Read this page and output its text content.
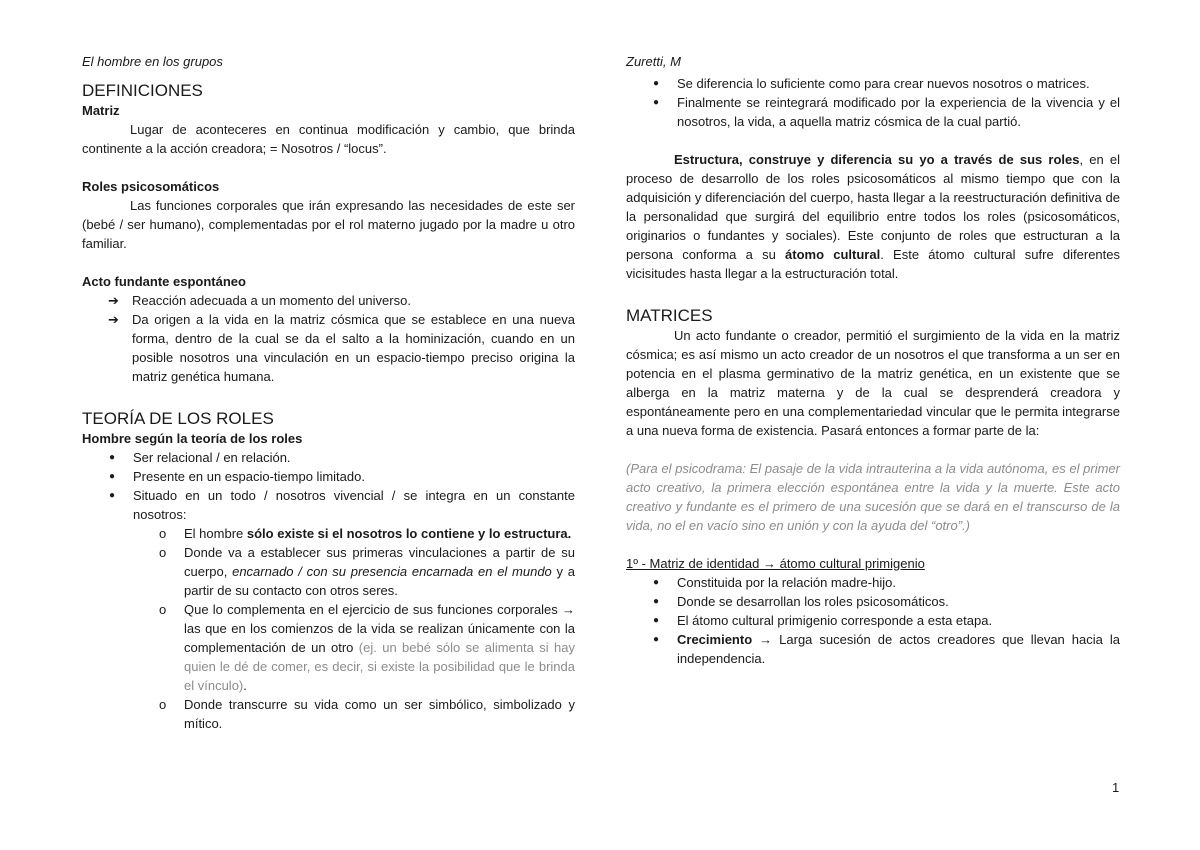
El hombre en los grupos

DEFINICIONES
Matriz

Lugar de aconteceres en continua modificación y cambio, que brinda continente a la acción creadora; = Nosotros / “locus”.

Roles psicosomáticos

Las funciones corporales que irán expresando las necesidades de este ser (bebé / ser humano), complementadas por el rol materno jugado por la madre u otro familiar.

Acto fundante espontáneo
➔ Reacción adecuada a un momento del universo.
➔ Da origen a la vida en la matriz cósmica que se establece en una nueva forma, dentro de la cual se da el salto a la hominización, cuando en un posible nosotros una vinculación en un espacio-tiempo preciso origina la matriz genética humana.
TEORÍA DE LOS ROLES
Hombre según la teoría de los roles
● Ser relacional / en relación.
● Presente en un espacio-tiempo limitado.
● Situado en un todo / nosotros vivencial / se integra en un constante nosotros:
o El hombre sólo existe si el nosotros lo contiene y lo estructura.
o Donde va a establecer sus primeras vinculaciones a partir de su cuerpo, encarnado / con su presencia encarnada en el mundo y a partir de su contacto con otros seres.
o Que lo complementa en el ejercicio de sus funciones corporales → las que en los comienzos de la vida se realizan únicamente con la complementación de un otro (ej. un bebé sólo se alimenta si hay quien le dé de comer, es decir, si existe la posibilidad que le brinda el vínculo).
o Donde transcurre su vida como un ser simbólico, simbolizado y mítico.

Zuretti, M

● Se diferencia lo suficiente como para crear nuevos nosotros o matrices.
● Finalmente se reintegrará modificado por la experiencia de la vivencia y el nosotros, la vida, a aquella matriz cósmica de la cual partió.

Estructura, construye y diferencia su yo a través de sus roles, en el proceso de desarrollo de los roles psicosomáticos al mismo tiempo que con la adquisición y diferenciación del cuerpo, hasta llegar a la reestructuración definitiva de la personalidad que surgirá del equilibrio entre todos los roles (psicosomáticos, originarios o fundantes y sociales). Este conjunto de roles que estructuran a la persona conforma a su átomo cultural. Este átomo cultural sufre diferentes vicisitudes hasta llegar a la estructuración total.

MATRICES

Un acto fundante o creador, permitió el surgimiento de la vida en la matriz cósmica; es así mismo un acto creador de un nosotros el que transforma a un ser en potencia en el plasma germinativo de la matriz genética, en un existente que se alberga en la matriz materna y de la cual se desprenderá creadora y espontáneamente pero en una complementariedad vincular que le permita integrarse a una nueva forma de existencia. Pasará entonces a formar parte de la:

(Para el psicodrama: El pasaje de la vida intrauterina a la vida autónoma, es el primer acto creativo, la primera elección espontánea entre la vida y la muerte. Este acto creativo y fundante es el primero de una sucesión que se dará en el transcurso de la vida, no el en vacío sino en unión y con la ayuda del “otro”.)

1º - Matriz de identidad → átomo cultural primigenio

● Constituida por la relación madre-hijo.
● Donde se desarrollan los roles psicosomáticos.
● El átomo cultural primigenio corresponde a esta etapa.
● Crecimiento → Larga sucesión de actos creadores que llevan hacia la independencia.
1
